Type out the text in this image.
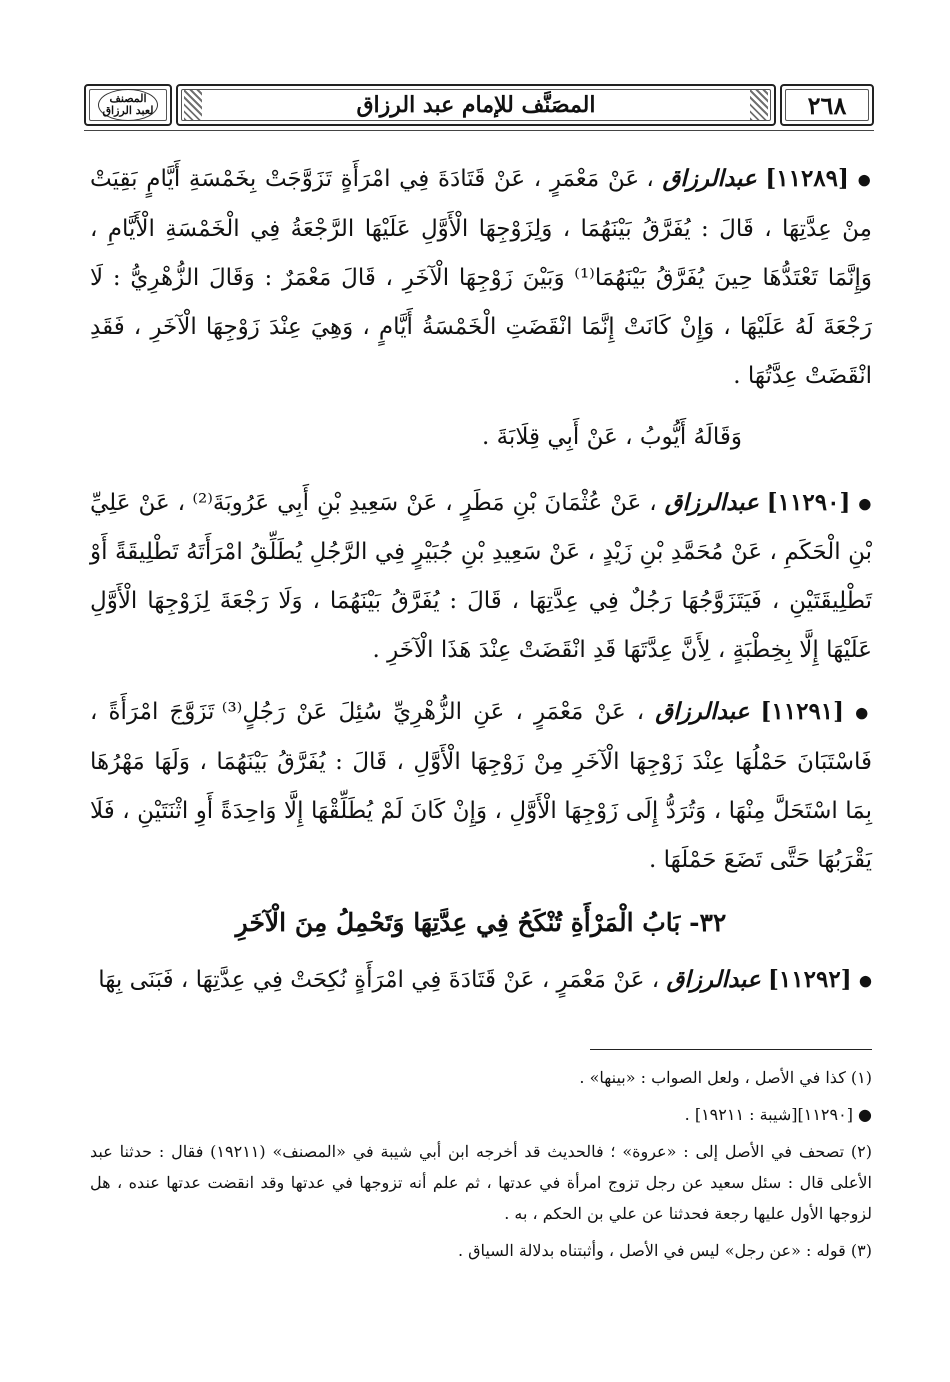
المصنف لعبد الرزاق	المصَنَّف للإمام عبد الرزاق	٢٦٨

● [١١٢٨٩] عبدالرزاق ، عَنْ مَعْمَرٍ ، عَنْ قَتَادَةَ فِي امْرَأَةٍ تَزَوَّجَتْ بِخَمْسَةِ أَيَّامٍ بَقِيَتْ مِنْ عِدَّتِهَا ، قَالَ : يُفَرَّقُ بَيْنَهُمَا ، وَلِزَوْجِهَا الْأَوَّلِ عَلَيْهَا الرَّجْعَةُ فِي الْخَمْسَةِ الْأَيَّامِ ، وَإِنَّمَا تَعْتَدُّهَا حِينَ يُفَرَّقُ بَيْنَهُمَا⁽¹⁾ وَبَيْنَ زَوْجِهَا الْآخَرِ ، قَالَ مَعْمَرٌ : وَقَالَ الزُّهْرِيُّ : لَا رَجْعَةَ لَهُ عَلَيْهَا ، وَإِنْ كَانَتْ إِنَّمَا انْقَضَتِ الْخَمْسَةُ أَيَّامٍ ، وَهِيَ عِنْدَ زَوْجِهَا الْآخَرِ ، فَقَدِ انْقَضَتْ عِدَّتُهَا .

وَقَالَهُ أَيُّوبُ ، عَنْ أَبِي قِلَابَةَ .

● [١١٢٩٠] عبدالرزاق ، عَنْ عُثْمَانَ بْنِ مَطَرٍ ، عَنْ سَعِيدِ بْنِ أَبِي عَرُوبَةَ⁽²⁾ ، عَنْ عَلِيِّ بْنِ الْحَكَمِ ، عَنْ مُحَمَّدِ بْنِ زَيْدٍ ، عَنْ سَعِيدِ بْنِ جُبَيْرٍ فِي الرَّجُلِ يُطَلِّقُ امْرَأَتَهُ تَطْلِيقَةً أَوْ تَطْلِيقَتَيْنِ ، فَيَتَزَوَّجُهَا رَجُلٌ فِي عِدَّتِهَا ، قَالَ : يُفَرَّقُ بَيْنَهُمَا ، وَلَا رَجْعَةَ لِزَوْجِهَا الْأَوَّلِ عَلَيْهَا إِلَّا بِخِطْبَةٍ ، لِأَنَّ عِدَّتَهَا قَدِ انْقَضَتْ عِنْدَ هَذَا الْآخَرِ .

● [١١٢٩١] عبدالرزاق ، عَنْ مَعْمَرٍ ، عَنِ الزُّهْرِيِّ سُئِلَ عَنْ رَجُلٍ⁽³⁾ تَزَوَّجَ امْرَأَةً ، فَاسْتَبَانَ حَمْلُهَا عِنْدَ زَوْجِهَا الْآخَرِ مِنْ زَوْجِهَا الْأَوَّلِ ، قَالَ : يُفَرَّقُ بَيْنَهُمَا ، وَلَهَا مَهْرُهَا بِمَا اسْتَحَلَّ مِنْهَا ، وَتُرَدُّ إِلَى زَوْجِهَا الْأَوَّلِ ، وَإِنْ كَانَ لَمْ يُطَلِّقْهَا إِلَّا وَاحِدَةً أَوِ اثْنَتَيْنِ ، فَلَا يَقْرَبُهَا حَتَّى تَضَعَ حَمْلَهَا .

٣٢- بَابُ الْمَرْأَةِ تُنْكَحُ فِي عِدَّتِهَا وَتَحْمِلُ مِنَ الْآخَرِ

● [١١٢٩٢] عبدالرزاق ، عَنْ مَعْمَرٍ ، عَنْ قَتَادَةَ فِي امْرَأَةٍ نُكِحَتْ فِي عِدَّتِهَا ، فَبَنَى بِهَا

(١) كذا في الأصل ، ولعل الصواب : «بينها» .
● [١١٢٩٠][شيبة : ١٩٢١١] .
(٢) تصحف في الأصل إلى : «عروة» ؛ فالحديث قد أخرجه ابن أبي شيبة في «المصنف» (١٩٢١١) فقال : حدثنا عبد الأعلى قال : سئل سعيد عن رجل تزوج امرأة في عدتها ، ثم علم أنه تزوجها في عدتها وقد انقضت عدتها عنده ، هل لزوجها الأول عليها رجعة فحدثنا عن علي بن الحكم ، به .
(٣) قوله : «عن رجل» ليس في الأصل ، وأثبتناه بدلالة السياق .
